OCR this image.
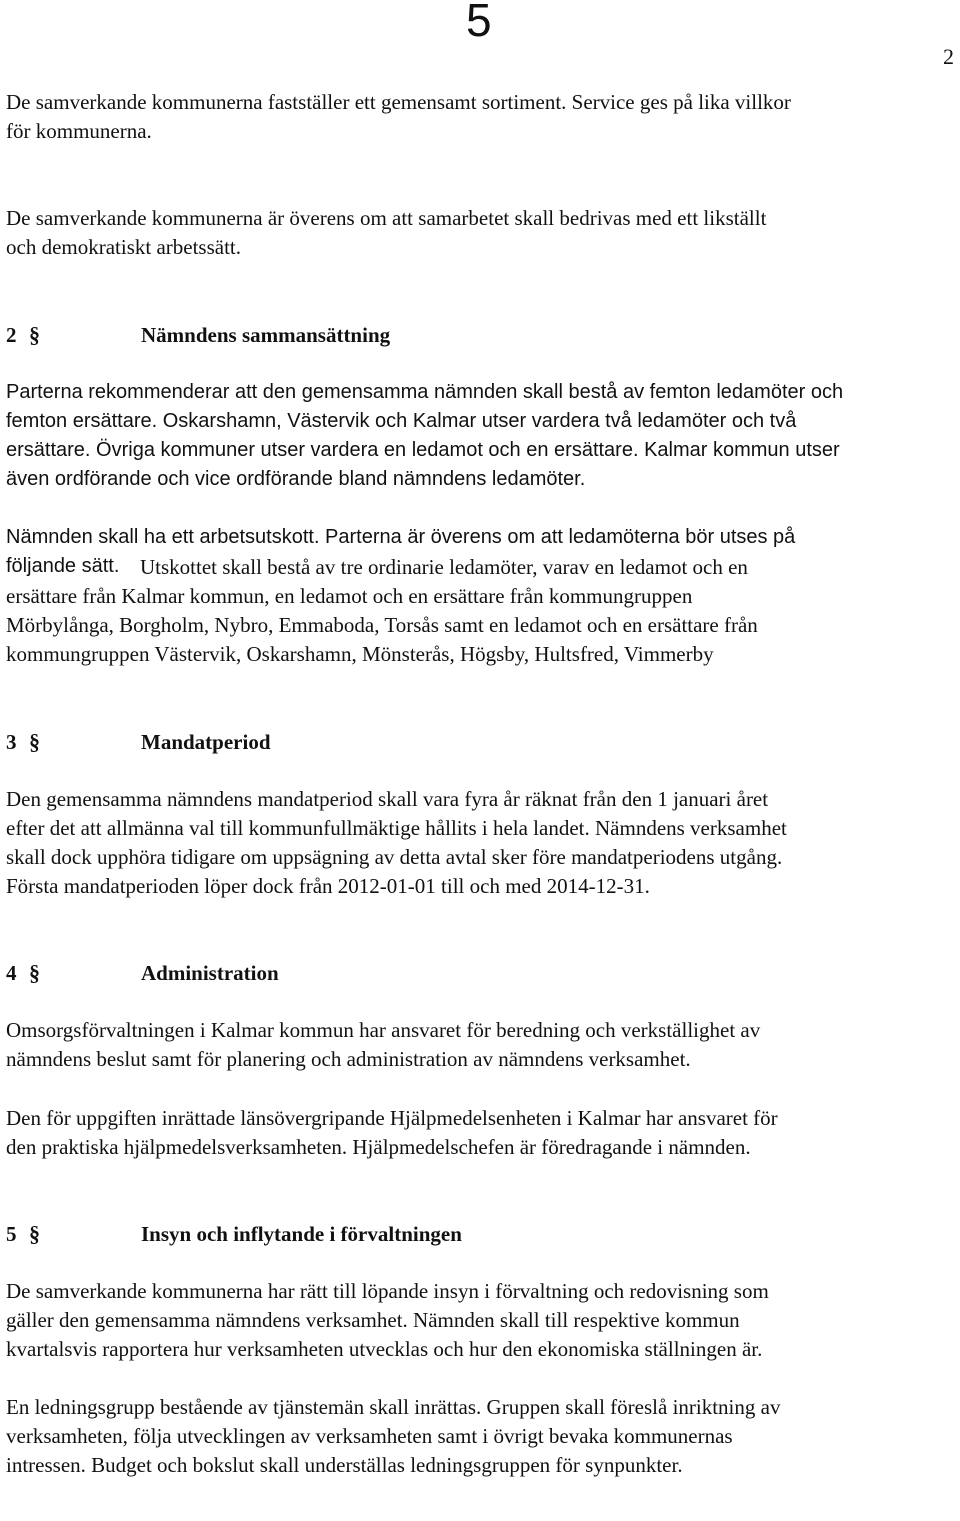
5
2

De samverkande kommunerna fastställer ett gemensamt sortiment. Service ges på lika villkor
för kommunerna.

De samverkande kommunerna är överens om att samarbetet skall bedrivas med ett likställt
och demokratiskt arbetssätt.

2 §	Nämndens sammansättning

Parterna rekommenderar att den gemensamma nämnden skall bestå av femton ledamöter och
femton ersättare. Oskarshamn, Västervik och Kalmar utser vardera två ledamöter och två
ersättare. Övriga kommuner utser vardera en ledamot och en ersättare. Kalmar kommun utser
även ordförande och vice ordförande bland nämndens ledamöter.

Nämnden skall ha ett arbetsutskott. Parterna är överens om att ledamöterna bör utses på
följande sätt. Utskottet skall bestå av tre ordinarie ledamöter, varav en ledamot och en
ersättare från Kalmar kommun, en ledamot och en ersättare från kommungruppen
Mörbylånga, Borgholm, Nybro, Emmaboda, Torsås samt en ledamot och en ersättare från
kommungruppen Västervik, Oskarshamn, Mönsterås, Högsby, Hultsfred, Vimmerby

3 §	Mandatperiod

Den gemensamma nämndens mandatperiod skall vara fyra år räknat från den 1 januari året
efter det att allmänna val till kommunfullmäktige hållits i hela landet. Nämndens verksamhet
skall dock upphöra tidigare om uppsägning av detta avtal sker före mandatperiodens utgång.
Första mandatperioden löper dock från 2012-01-01 till och med 2014-12-31.

4 §	Administration

Omsorgsförvaltningen i Kalmar kommun har ansvaret för beredning och verkställighet av
nämndens beslut samt för planering och administration av nämndens verksamhet.

Den för uppgiften inrättade länsövergripande Hjälpmedelsenheten i Kalmar har ansvaret för
den praktiska hjälpmedelsverksamheten. Hjälpmedelschefen är föredragande i nämnden.

5 §	Insyn och inflytande i förvaltningen

De samverkande kommunerna har rätt till löpande insyn i förvaltning och redovisning som
gäller den gemensamma nämndens verksamhet. Nämnden skall till respektive kommun
kvartalsvis rapportera hur verksamheten utvecklas och hur den ekonomiska ställningen är.

En ledningsgrupp bestående av tjänstemän skall inrättas. Gruppen skall föreslå inriktning av
verksamheten, följa utvecklingen av verksamheten samt i övrigt bevaka kommunernas
intressen. Budget och bokslut skall underställas ledningsgruppen för synpunkter.
